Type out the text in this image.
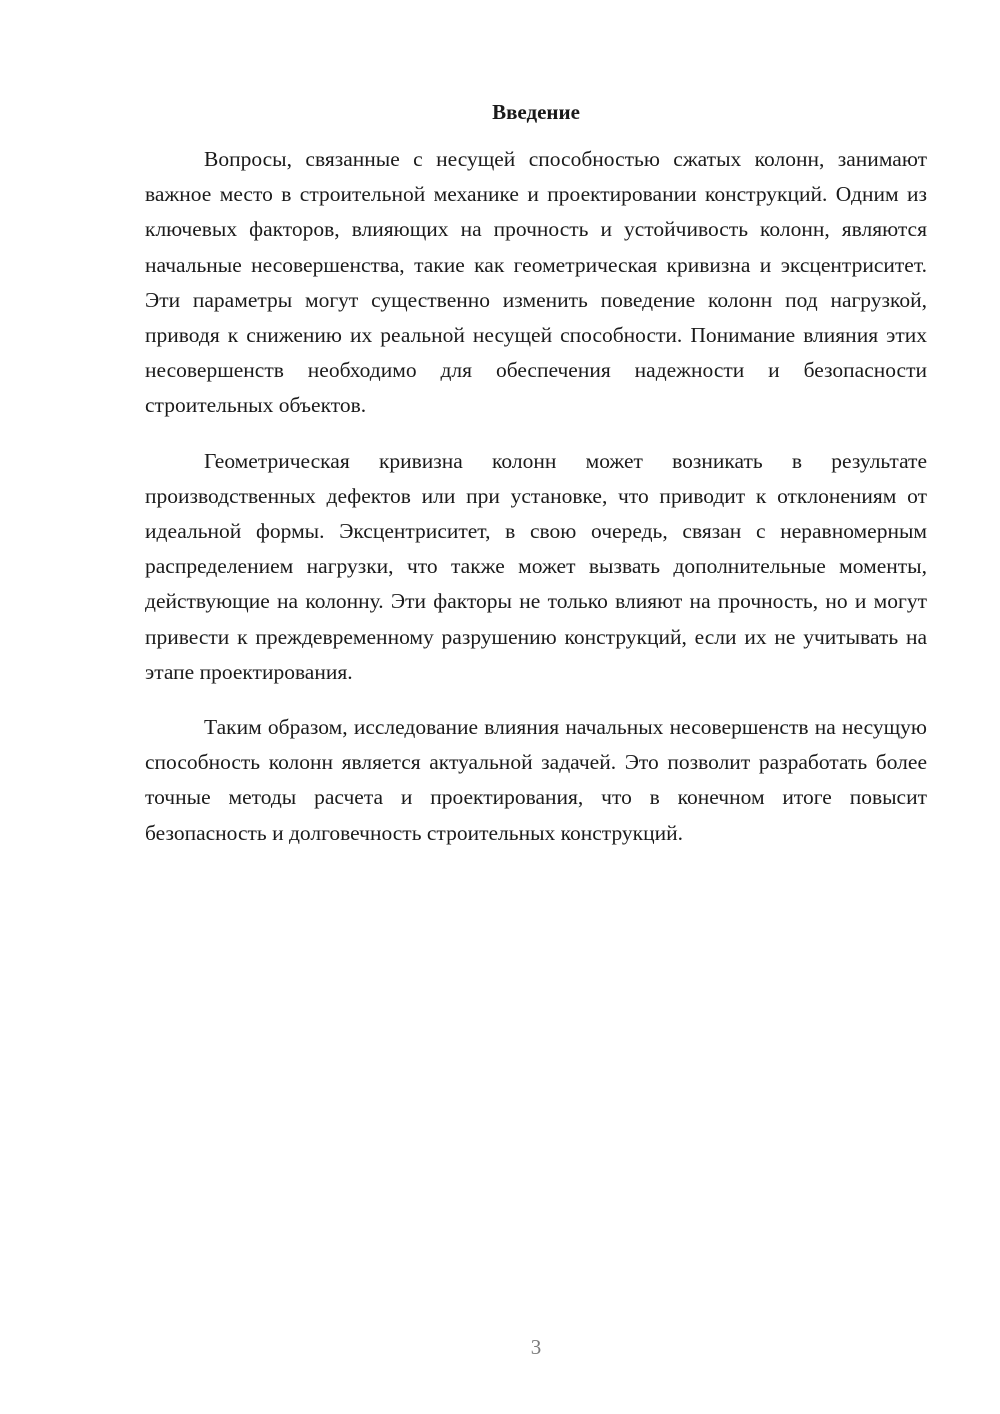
Введение

Вопросы, связанные с несущей способностью сжатых колонн, занимают важное место в строительной механике и проектировании конструкций. Одним из ключевых факторов, влияющих на прочность и устойчивость колонн, являются начальные несовершенства, такие как геометрическая кривизна и эксцентриситет. Эти параметры могут существенно изменить поведение колонн под нагрузкой, приводя к снижению их реальной несущей способности. Понимание влияния этих несовершенств необходимо для обеспечения надежности и безопасности строительных объектов.

Геометрическая кривизна колонн может возникать в результате производственных дефектов или при установке, что приводит к отклонениям от идеальной формы. Эксцентриситет, в свою очередь, связан с неравномерным распределением нагрузки, что также может вызвать дополнительные моменты, действующие на колонну. Эти факторы не только влияют на прочность, но и могут привести к преждевременному разрушению конструкций, если их не учитывать на этапе проектирования.

Таким образом, исследование влияния начальных несовершенств на несущую способность колонн является актуальной задачей. Это позволит разработать более точные методы расчета и проектирования, что в конечном итоге повысит безопасность и долговечность строительных конструкций.

3
